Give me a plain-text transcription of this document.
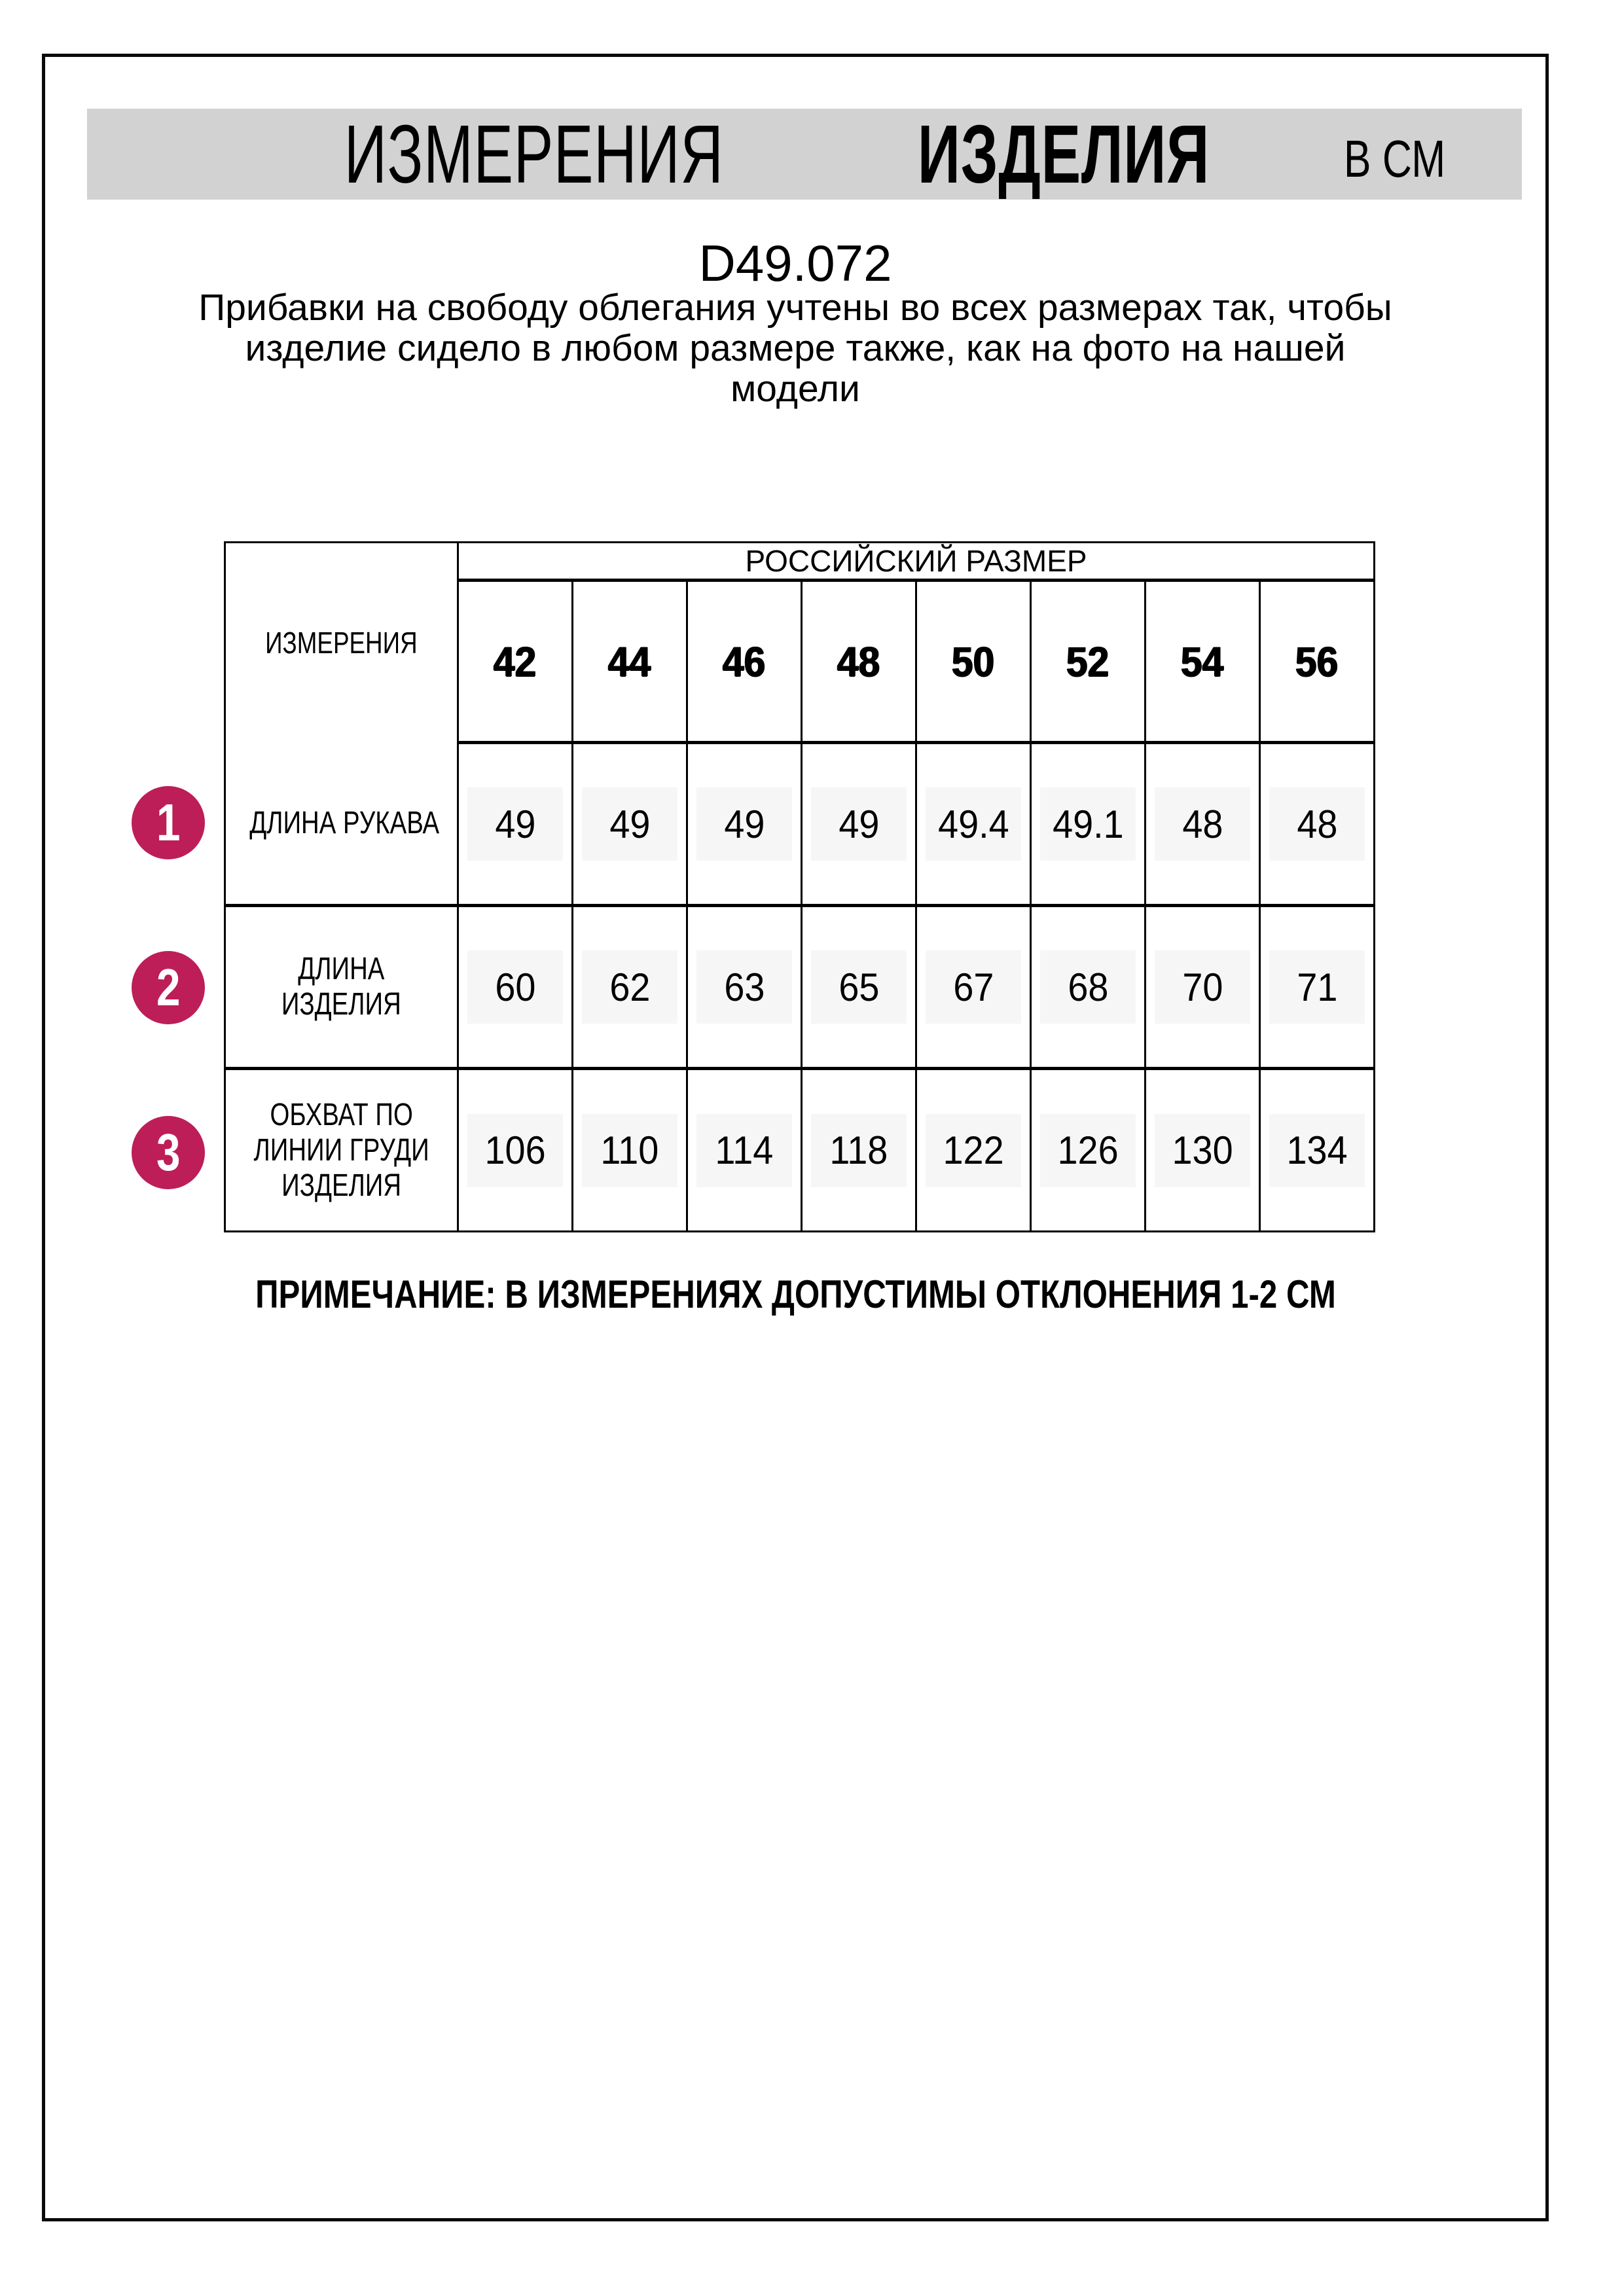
ИЗМЕРЕНИЯ ИЗДЕЛИЯ	В СМ
D49.072
Прибавки на свободу облегания учтены во всех размерах так, чтобы
изделие сидело в любом размере также, как на фото на нашей
модели
ИЗМЕРЕНИЯ	РОССИЙСКИЙ РАЗМЕР							
	42	44	46	48	50	52	54	56

ДЛИНА РУКАВА	49	49	49	49	49.4	49.1	48	48

ДЛИНА
ИЗДЕЛИЯ	60	62	63	65	67	68	70	71

ОБХВАТ ПО
ЛИНИИ ГРУДИ
ИЗДЕЛИЯ	106	110	114	118	122	126	130	134
1
2
3
ПРИМЕЧАНИЕ: В ИЗМЕРЕНИЯХ ДОПУСТИМЫ ОТКЛОНЕНИЯ 1-2 СМ
